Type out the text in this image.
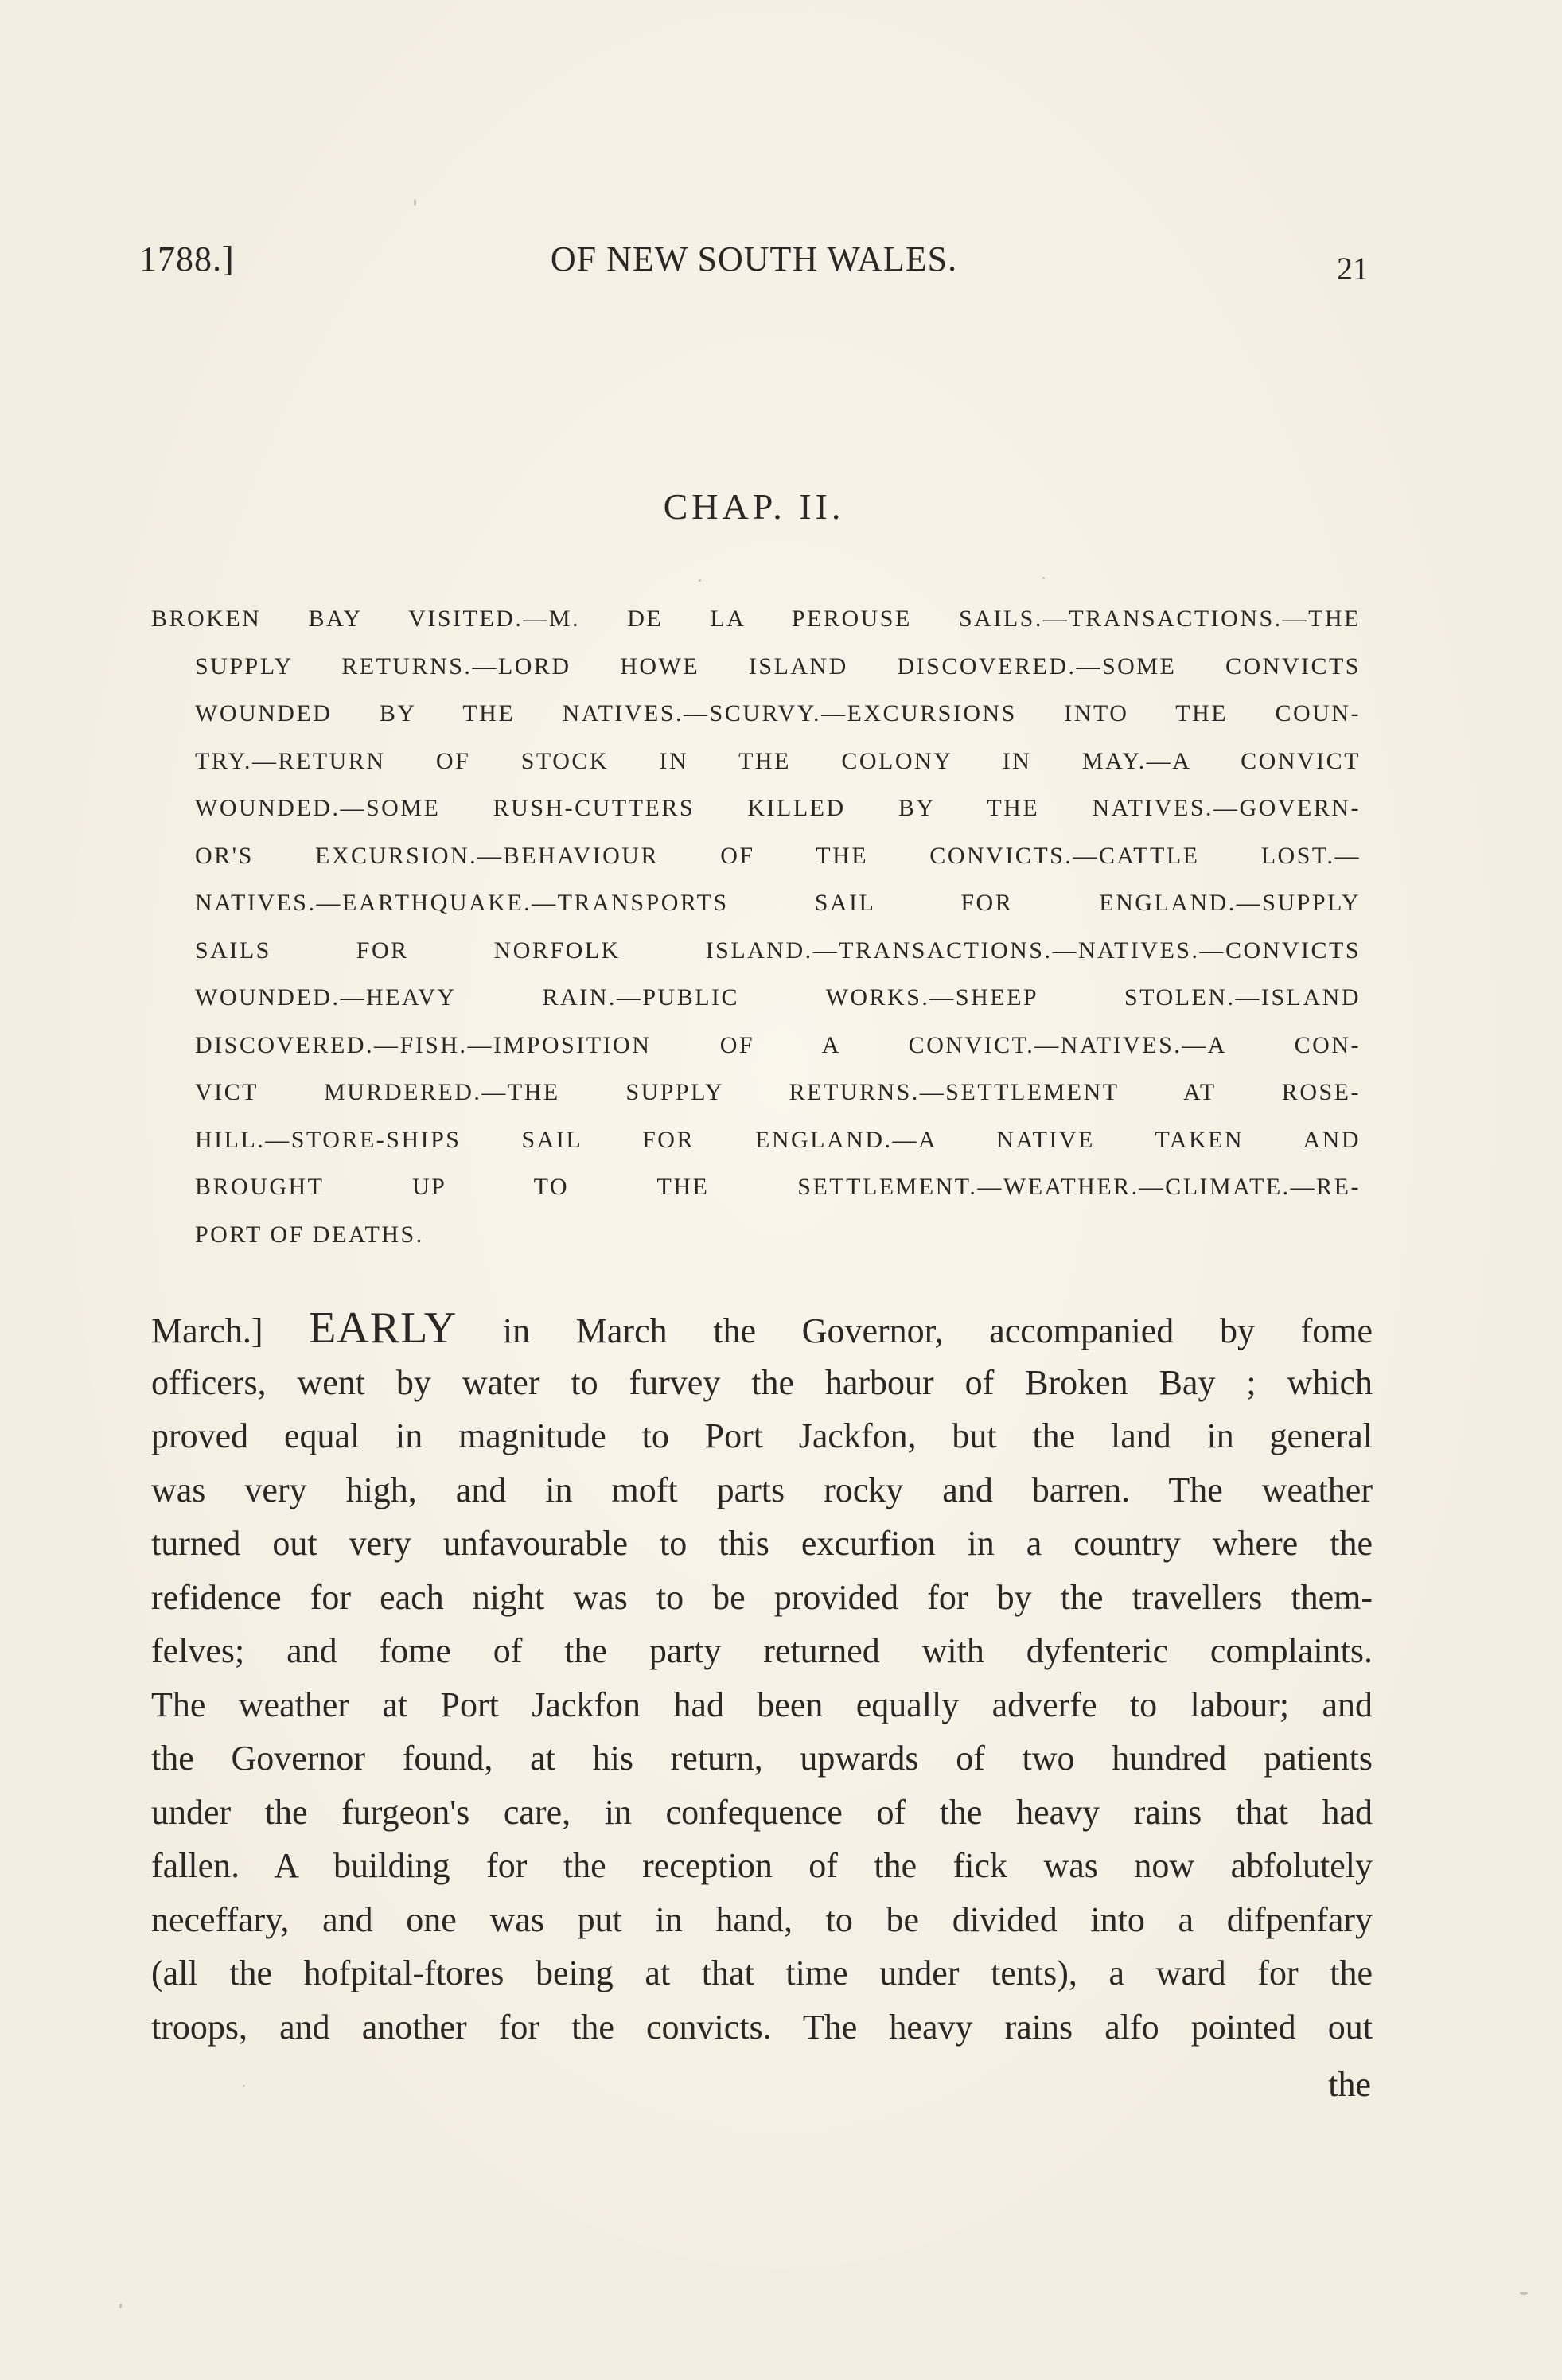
1788.]	OF NEW SOUTH WALES.	21
CHAP. II.
BROKEN BAY VISITED.—M. DE LA PEROUSE SAILS.—TRANSACTIONS.—THE
SUPPLY RETURNS.—LORD HOWE ISLAND DISCOVERED.—SOME CONVICTS
WOUNDED BY THE NATIVES.—SCURVY.—EXCURSIONS INTO THE COUN-
TRY.—RETURN OF STOCK IN THE COLONY IN MAY.—A CONVICT
WOUNDED.—SOME RUSH-CUTTERS KILLED BY THE NATIVES.—GOVERN-
OR'S EXCURSION.—BEHAVIOUR OF THE CONVICTS.—CATTLE LOST.—
NATIVES.—EARTHQUAKE.—TRANSPORTS SAIL FOR ENGLAND.—SUPPLY
SAILS FOR NORFOLK ISLAND.—TRANSACTIONS.—NATIVES.—CONVICTS
WOUNDED.—HEAVY RAIN.—PUBLIC WORKS.—SHEEP STOLEN.—ISLAND
DISCOVERED.—FISH.—IMPOSITION OF A CONVICT.—NATIVES.—A CON-
VICT MURDERED.—THE SUPPLY RETURNS.—SETTLEMENT AT ROSE-
HILL.—STORE-SHIPS SAIL FOR ENGLAND.—A NATIVE TAKEN AND
BROUGHT UP TO THE SETTLEMENT.—WEATHER.—CLIMATE.—RE-
PORT OF DEATHS.
March.] EARLY in March the Governor, accompanied by fome
officers, went by water to furvey the harbour of Broken Bay ; which
proved equal in magnitude to Port Jackfon, but the land in general
was very high, and in moft parts rocky and barren. The weather
turned out very unfavourable to this excurfion in a country where the
refidence for each night was to be provided for by the travellers them-
felves; and fome of the party returned with dyfenteric complaints.
The weather at Port Jackfon had been equally adverfe to labour; and
the Governor found, at his return, upwards of two hundred patients
under the furgeon's care, in confequence of the heavy rains that had
fallen. A building for the reception of the fick was now abfolutely
neceffary, and one was put in hand, to be divided into a difpenfary
(all the hofpital-ftores being at that time under tents), a ward for the
troops, and another for the convicts. The heavy rains alfo pointed out
the
